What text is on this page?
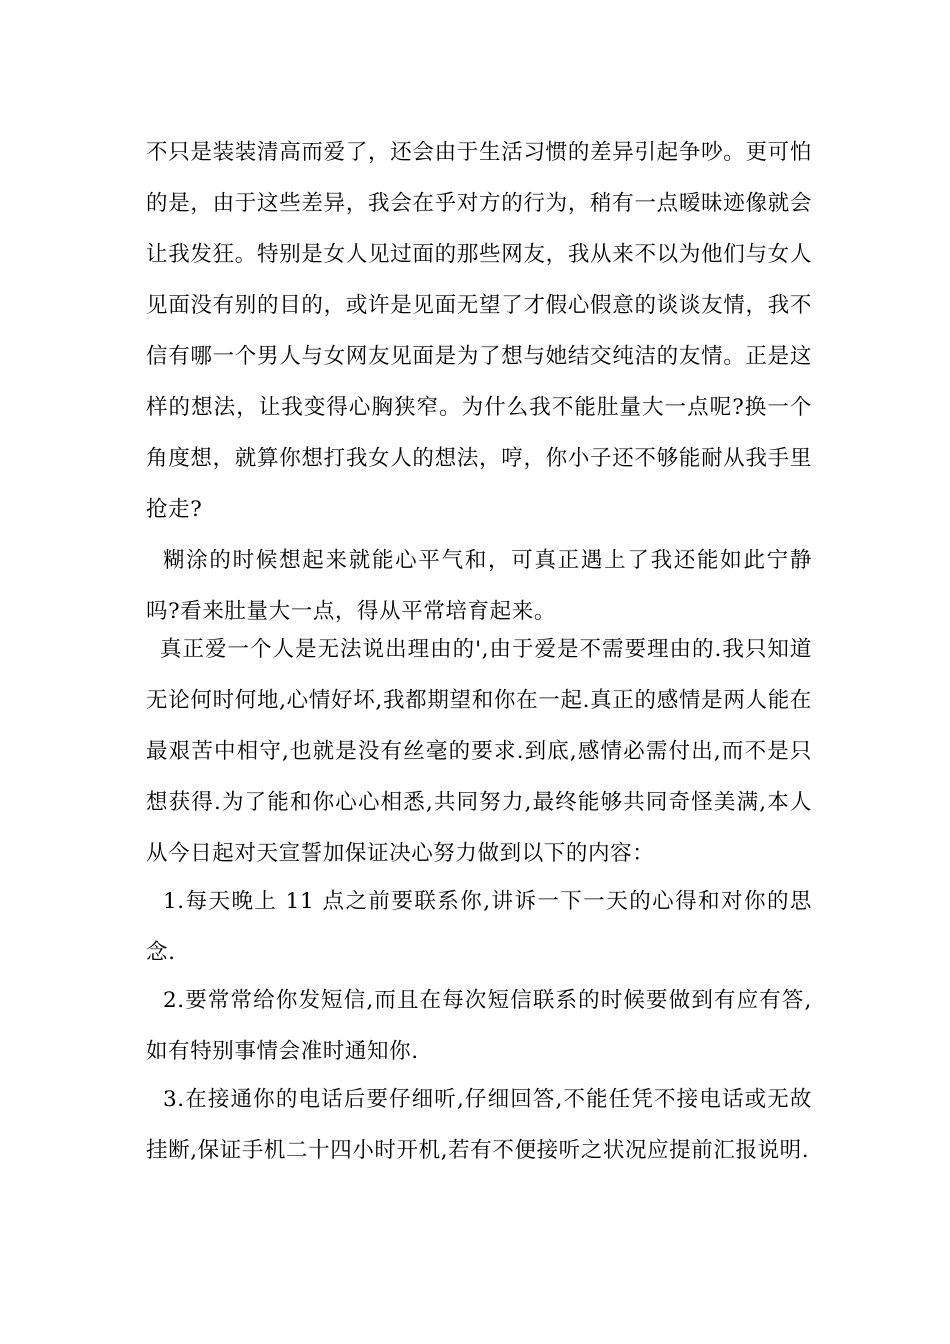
不只是装装清高而爱了，还会由于生活习惯的差异引起争吵。更可怕的是，由于这些差异，我会在乎对方的行为，稍有一点暧昧迹像就会让我发狂。特别是女人见过面的那些网友，我从来不以为他们与女人见面没有别的目的，或许是见面无望了才假心假意的谈谈友情，我不信有哪一个男人与女网友见面是为了想与她结交纯洁的友情。正是这样的想法，让我变得心胸狭窄。为什么我不能肚量大一点呢?换一个角度想，就算你想打我女人的想法，哼，你小子还不够能耐从我手里抢走?

糊涂的时候想起来就能心平气和，可真正遇上了我还能如此宁静吗?看来肚量大一点，得从平常培育起来。

真正爱一个人是无法说出理由的',由于爱是不需要理由的.我只知道无论何时何地,心情好坏,我都期望和你在一起.真正的感情是两人能在最艰苦中相守,也就是没有丝毫的要求.到底,感情必需付出,而不是只想获得.为了能和你心心相悉,共同努力,最终能够共同奇怪美满,本人从今日起对天宣誓加保证决心努力做到以下的内容：

1.每天晚上 11 点之前要联系你,讲诉一下一天的心得和对你的思念.

2.要常常给你发短信,而且在每次短信联系的时候要做到有应有答,如有特别事情会准时通知你.

3.在接通你的电话后要仔细听,仔细回答,不能任凭不接电话或无故挂断,保证手机二十四小时开机,若有不便接听之状况应提前汇报说明.
